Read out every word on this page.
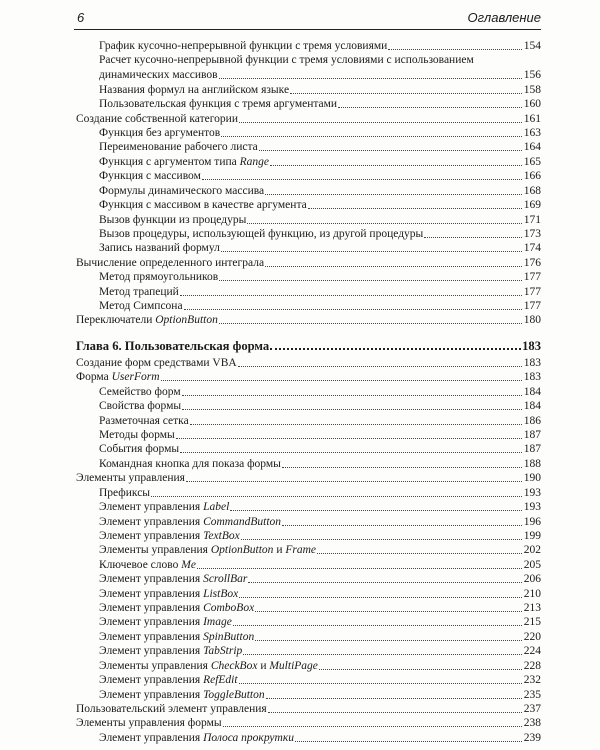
6	Оглавление
График кусочно-непрерывной функции с тремя условиями	154
Расчет кусочно-непрерывной функции с тремя условиями с использованием
динамических массивов	156
Названия формул на английском языке	158
Пользовательская функция с тремя аргументами	160
Создание собственной категории	161
Функция без аргументов	163
Переименование рабочего листа	164
Функция с аргументом типа Range	165
Функция с массивом	166
Формулы динамического массива	168
Функция с массивом в качестве аргумента	169
Вызов функции из процедуры	171
Вызов процедуры, использующей функцию, из другой процедуры	173
Запись названий формул	174
Вычисление определенного интеграла	176
Метод прямоугольников	177
Метод трапеций	177
Метод Симпсона	177
Переключатели OptionButton	180
Глава 6. Пользовательская форма	183
Создание форм средствами VBA	183
Форма UserForm	183
Семейство форм	184
Свойства формы	184
Разметочная сетка	186
Методы формы	187
События формы	187
Командная кнопка для показа формы	188
Элементы управления	190
Префиксы	193
Элемент управления Label	193
Элемент управления CommandButton	196
Элемент управления TextBox	199
Элементы управления OptionButton и Frame	202
Ключевое слово Me	205
Элемент управления ScrollBar	206
Элемент управления ListBox	210
Элемент управления ComboBox	213
Элемент управления Image	215
Элемент управления SpinButton	220
Элемент управления TabStrip	224
Элементы управления CheckBox и MultiPage	228
Элемент управления RefEdit	232
Элемент управления ToggleButton	235
Пользовательский элемент управления	237
Элементы управления формы	238
Элемент управления Полоса прокрутки	239
